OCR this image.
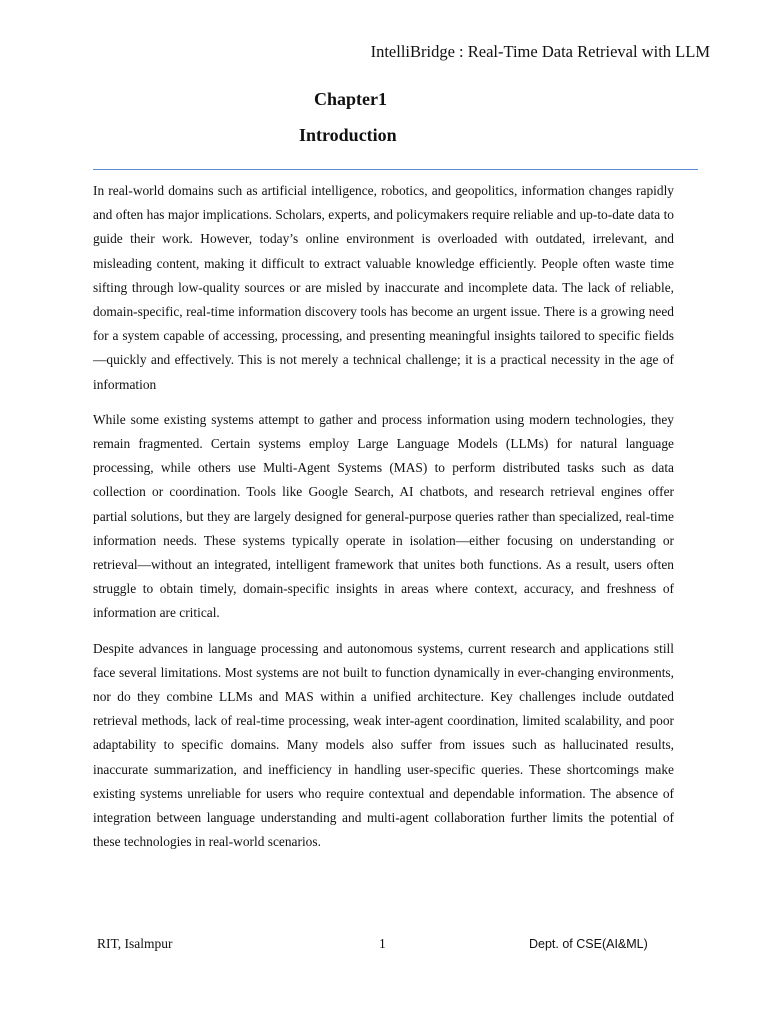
IntelliBridge : Real-Time Data Retrieval with LLM
Chapter1
Introduction

In real-world domains such as artificial intelligence, robotics, and geopolitics, information changes rapidly and often has major implications. Scholars, experts, and policymakers require reliable and up-to-date data to guide their work. However, today’s online environment is overloaded with outdated, irrelevant, and misleading content, making it difficult to extract valuable knowledge efficiently. People often waste time sifting through low-quality sources or are misled by inaccurate and incomplete data. The lack of reliable, domain-specific, real-time information discovery tools has become an urgent issue. There is a growing need for a system capable of accessing, processing, and presenting meaningful insights tailored to specific fields—quickly and effectively. This is not merely a technical challenge; it is a practical necessity in the age of information

While some existing systems attempt to gather and process information using modern technologies, they remain fragmented. Certain systems employ Large Language Models (LLMs) for natural language processing, while others use Multi-Agent Systems (MAS) to perform distributed tasks such as data collection or coordination. Tools like Google Search, AI chatbots, and research retrieval engines offer partial solutions, but they are largely designed for general-purpose queries rather than specialized, real-time information needs. These systems typically operate in isolation—either focusing on understanding or retrieval—without an integrated, intelligent framework that unites both functions. As a result, users often struggle to obtain timely, domain-specific insights in areas where context, accuracy, and freshness of information are critical.

Despite advances in language processing and autonomous systems, current research and applications still face several limitations. Most systems are not built to function dynamically in ever-changing environments, nor do they combine LLMs and MAS within a unified architecture. Key challenges include outdated retrieval methods, lack of real-time processing, weak inter-agent coordination, limited scalability, and poor adaptability to specific domains. Many models also suffer from issues such as hallucinated results, inaccurate summarization, and inefficiency in handling user-specific queries. These shortcomings make existing systems unreliable for users who require contextual and dependable information. The absence of integration between language understanding and multi-agent collaboration further limits the potential of these technologies in real-world scenarios.

RIT, Isalmpur	1	Dept. of CSE(AI&ML)
